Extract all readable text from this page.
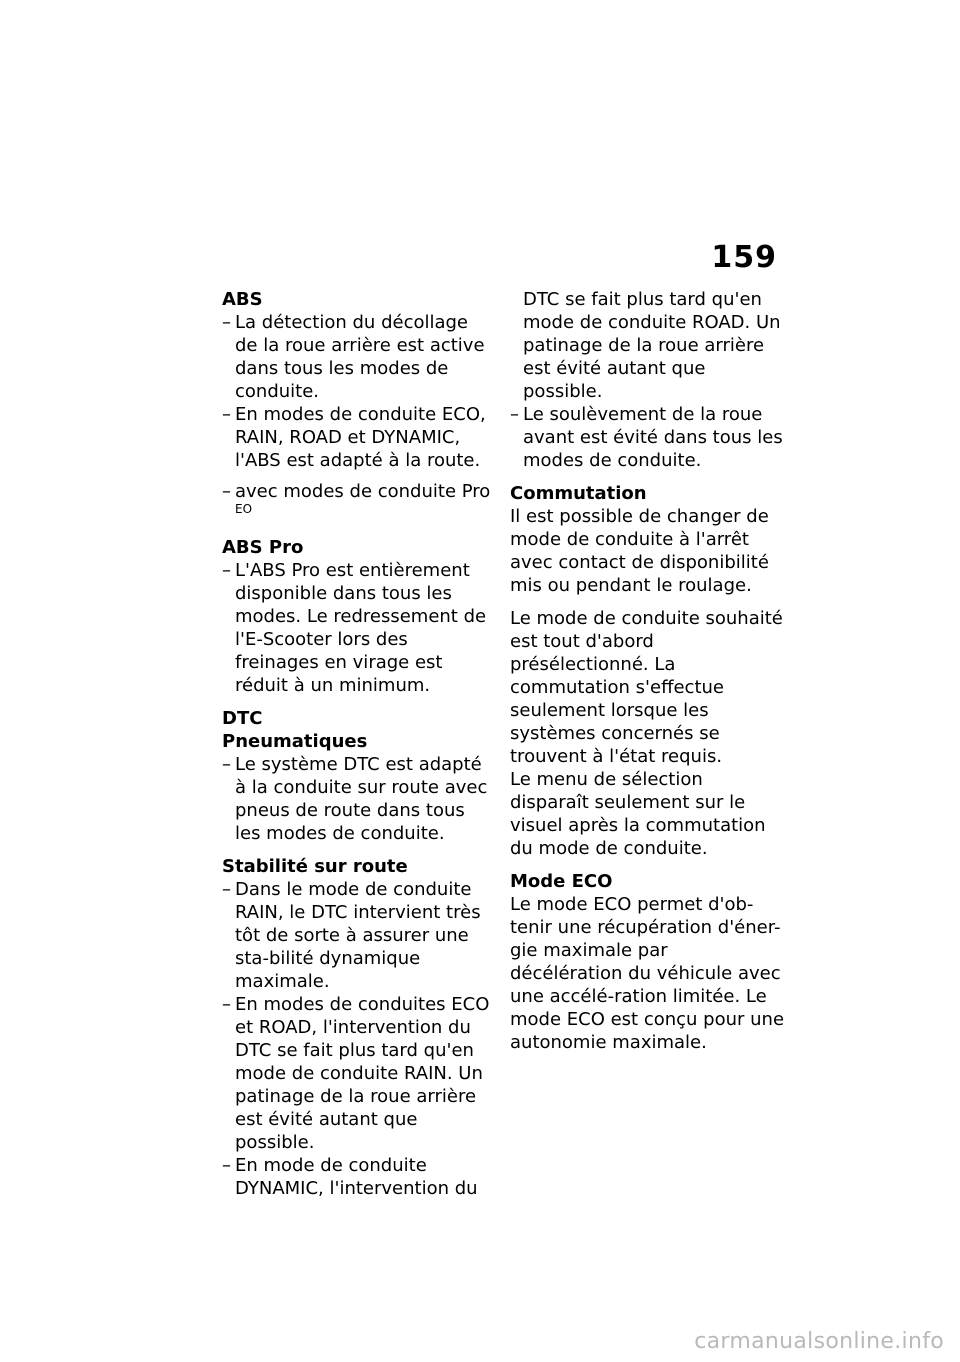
159

ABS

– La détection du décollage de la roue arrière est active dans tous les modes de conduite.
– En modes de conduite ECO, RAIN, ROAD et DYNAMIC, l'ABS est adapté à la route.
– avec modes de conduite Pro $^{EO}$

ABS Pro

– L'ABS Pro est entièrement disponible dans tous les modes. Le redressement de l'E-Scooter lors des freinages en virage est réduit à un minimum.

DTC

Pneumatiques

– Le système DTC est adapté à la conduite sur route avec pneus de route dans tous les modes de conduite.

Stabilité sur route

– Dans le mode de conduite RAIN, le DTC intervient très tôt de sorte à assurer une sta-bilité dynamique maximale.
– En modes de conduites ECO et ROAD, l'intervention du DTC se fait plus tard qu'en mode de conduite RAIN. Un patinage de la roue arrière est évité autant que possible.
– En mode de conduite DYNAMIC, l'intervention du

DTC se fait plus tard qu'en mode de conduite ROAD. Un patinage de la roue arrière est évité autant que possible.

– Le soulèvement de la roue avant est évité dans tous les modes de conduite.

Commutation

Il est possible de changer de mode de conduite à l'arrêt avec contact de disponibilité mis ou pendant le roulage.

Le mode de conduite souhaité est tout d'abord présélectionné. La commutation s'effectue seulement lorsque les systèmes concernés se trouvent à l'état requis.

Le menu de sélection disparaît seulement sur le visuel après la commutation du mode de conduite.

Mode ECO

Le mode ECO permet d'ob-tenir une récupération d'éner-gie maximale par décélération du véhicule avec une accélé-ration limitée. Le mode ECO est conçu pour une autonomie maximale.

carmanualsonline.info
